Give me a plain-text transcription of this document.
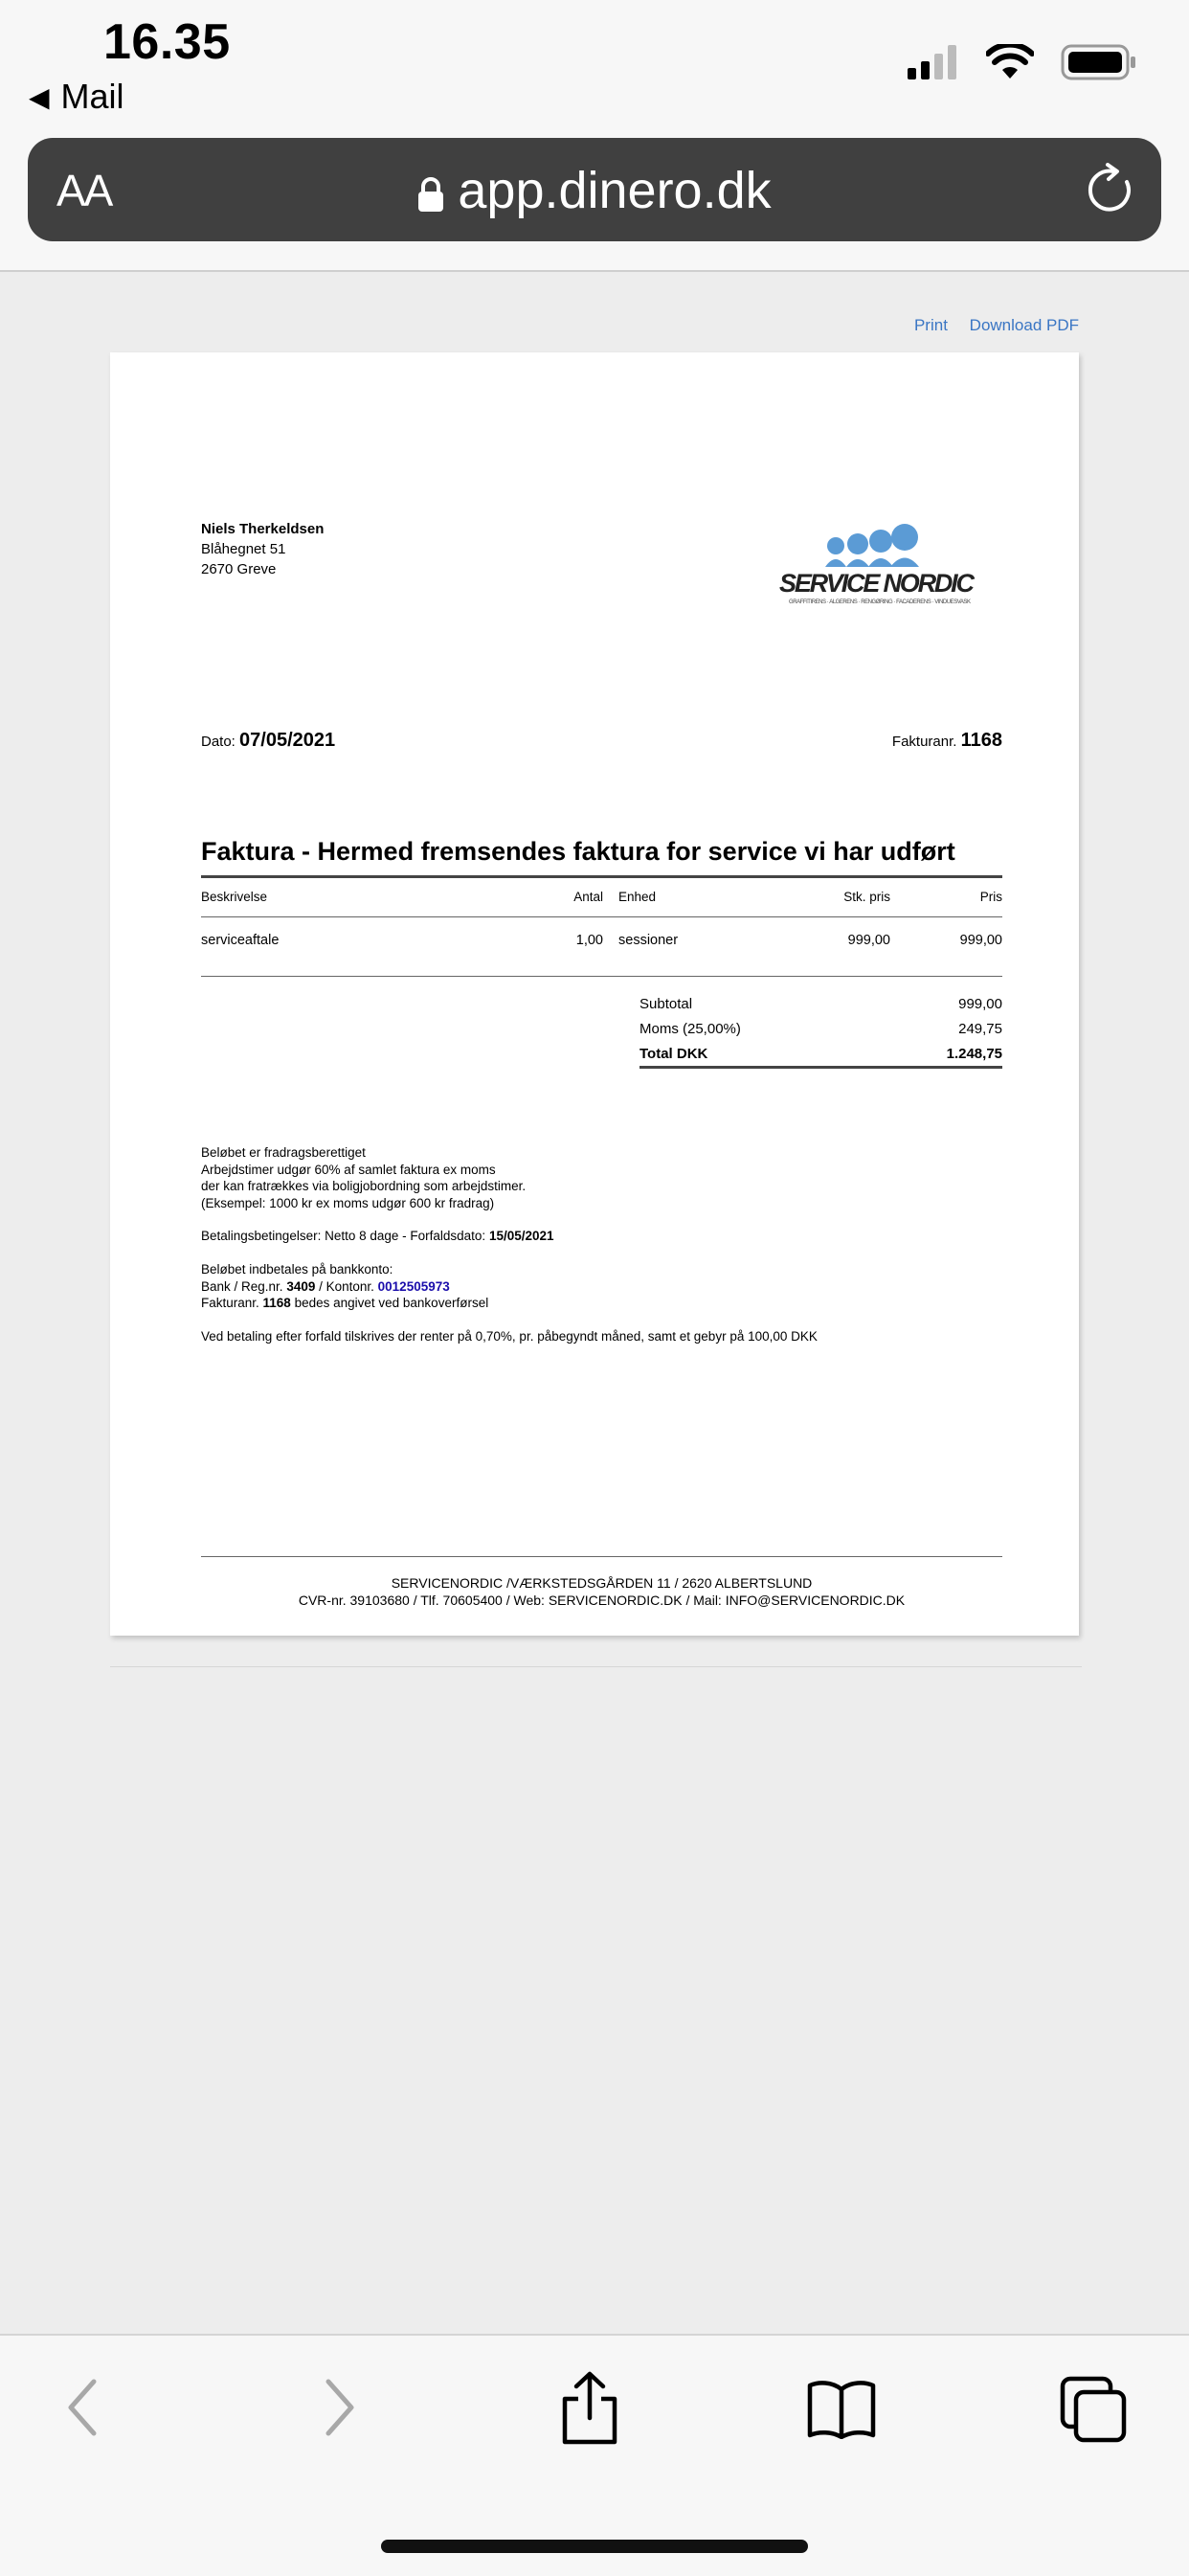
16.35
◀ Mail
AA	app.dinero.dk
Print Download PDF
Niels Therkeldsen
Blåhegnet 51
2670 Greve	SERVICE NORDIC
GRAFFITIRENS · ALGERENS · RENGØRING · FACADERENS · VINDUESVASK
Dato: 07/05/2021	Fakturanr. 1168
Faktura - Hermed fremsendes faktura for service vi har udført
Beskrivelse	Antal	Enhed	Stk. pris	Pris

serviceaftale	1,00	sessioner	999,00	999,00
Subtotal	999,00
Moms (25,00%)	249,75
Total DKK	1.248,75

Beløbet er fradragsberettiget
Arbejdstimer udgør 60% af samlet faktura ex moms
der kan fratrækkes via boligjobordning som arbejdstimer.
(Eksempel: 1000 kr ex moms udgør 600 kr fradrag)

Betalingsbetingelser: Netto 8 dage - Forfaldsdato: 15/05/2021

Beløbet indbetales på bankkonto:
Bank / Reg.nr. 3409 / Kontonr. 0012505973
Fakturanr. 1168 bedes angivet ved bankoverførsel

Ved betaling efter forfald tilskrives der renter på 0,70%, pr. påbegyndt måned, samt et gebyr på 100,00 DKK

SERVICENORDIC /VÆRKSTEDSGÅRDEN 11 / 2620 ALBERTSLUND
CVR-nr. 39103680 / Tlf. 70605400 / Web: SERVICENORDIC.DK / Mail: INFO@SERVICENORDIC.DK
